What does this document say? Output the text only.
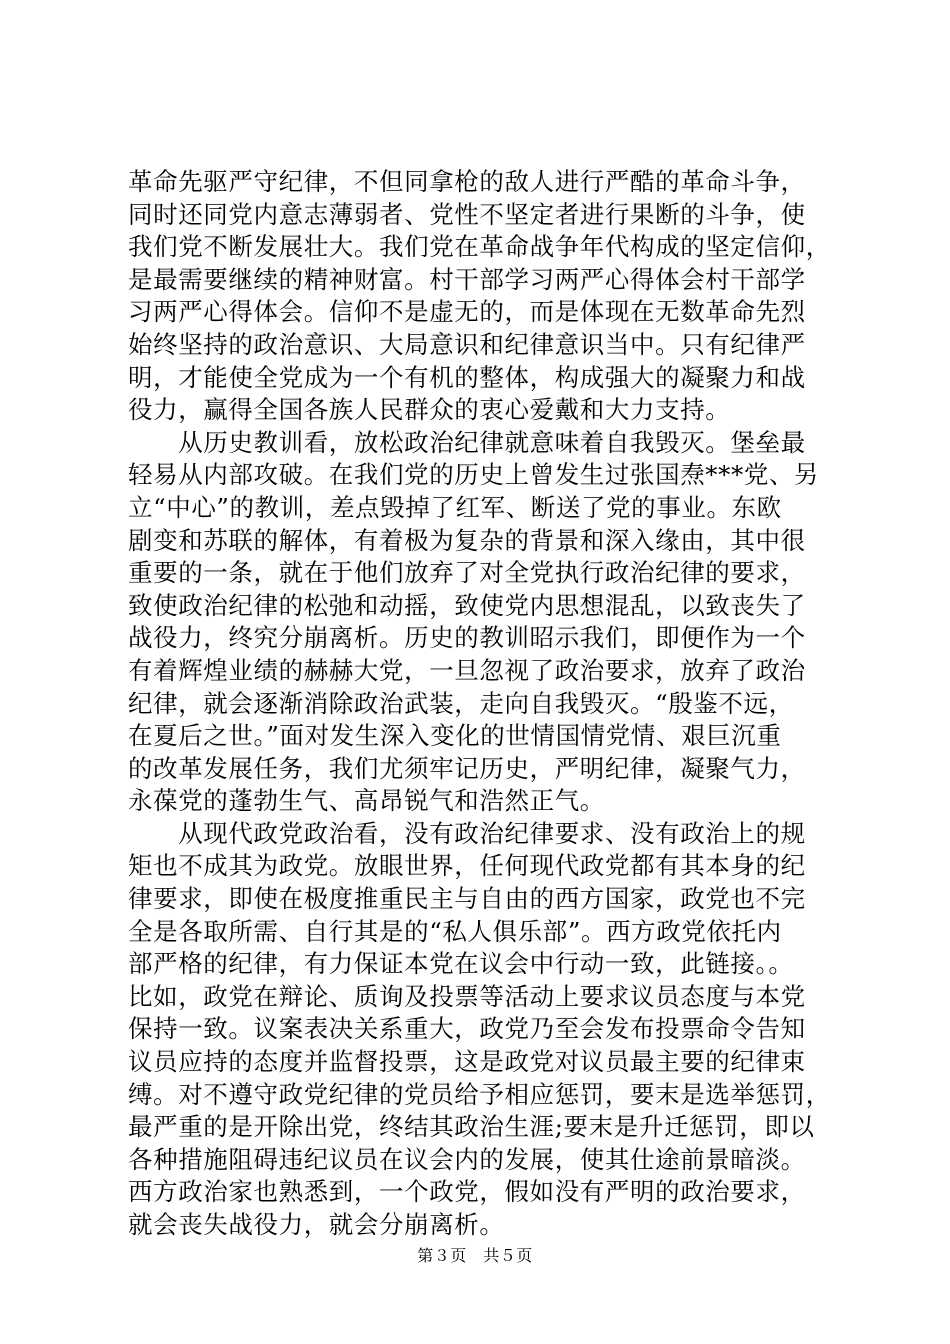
革命先驱严守纪律，不但同拿枪的敌人进行严酷的革命斗争，
同时还同党内意志薄弱者、党性不坚定者进行果断的斗争，使
我们党不断发展壮大。我们党在革命战争年代构成的坚定信仰，
是最需要继续的精神财富。村干部学习两严心得体会村干部学
习两严心得体会。信仰不是虚无的，而是体现在无数革命先烈
始终坚持的政治意识、大局意识和纪律意识当中。只有纪律严
明，才能使全党成为一个有机的整体，构成强大的凝聚力和战
役力，赢得全国各族人民群众的衷心爱戴和大力支持。
　　从历史教训看，放松政治纪律就意味着自我毁灭。堡垒最
轻易从内部攻破。在我们党的历史上曾发生过张国焘***党、另
立“中心”的教训，差点毁掉了红军、断送了党的事业。东欧
剧变和苏联的解体，有着极为复杂的背景和深入缘由，其中很
重要的一条，就在于他们放弃了对全党执行政治纪律的要求，
致使政治纪律的松弛和动摇，致使党内思想混乱，以致丧失了
战役力，终究分崩离析。历史的教训昭示我们，即便作为一个
有着辉煌业绩的赫赫大党，一旦忽视了政治要求，放弃了政治
纪律，就会逐渐消除政治武装，走向自我毁灭。“殷鉴不远，
在夏后之世。”面对发生深入变化的世情国情党情、艰巨沉重
的改革发展任务，我们尤须牢记历史，严明纪律，凝聚气力，
永葆党的蓬勃生气、高昂锐气和浩然正气。
　　从现代政党政治看，没有政治纪律要求、没有政治上的规
矩也不成其为政党。放眼世界，任何现代政党都有其本身的纪
律要求，即使在极度推重民主与自由的西方国家，政党也不完
全是各取所需、自行其是的“私人俱乐部”。西方政党依托内
部严格的纪律，有力保证本党在议会中行动一致，此链接。。
比如，政党在辩论、质询及投票等活动上要求议员态度与本党
保持一致。议案表决关系重大，政党乃至会发布投票命令告知
议员应持的态度并监督投票，这是政党对议员最主要的纪律束
缚。对不遵守政党纪律的党员给予相应惩罚，要末是选举惩罚，
最严重的是开除出党，终结其政治生涯;要末是升迁惩罚，即以
各种措施阻碍违纪议员在议会内的发展，使其仕途前景暗淡。
西方政治家也熟悉到，一个政党，假如没有严明的政治要求，
就会丧失战役力，就会分崩离析。
第３页　共５页
